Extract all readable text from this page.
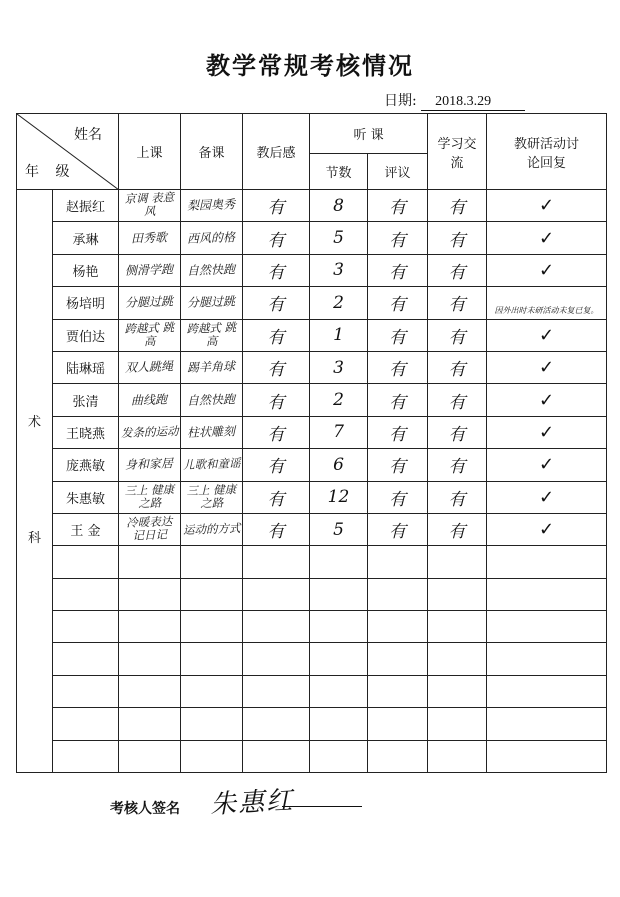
教学常规考核情况
日期: 2018.3.29
姓名
年 级		上课	备课	教后感	听 课		学习交流	教研活动讨论回复
					节数	评议		

术
科	赵振红	京调 表意风	梨园奥秀	有	8	有	有	✓
	承琳	田秀歌	西风的格	有	5	有	有	✓
	杨艳	侧滑学跑	自然快跑	有	3	有	有	✓
	杨培明	分腿过跳	分腿过跳	有	2	有	有	因外出时未研活动未复已复。

	贾伯达	跨越式 跳高	跨越式 跳高	有	1	有	有	✓
	陆琳瑶	双人跳绳	踢羊角球	有	3	有	有	✓
	张清	曲线跑	自然快跑	有	2	有	有	✓
	王晓燕	发条的运动	柱状雕刻	有	7	有	有	✓
	庞燕敏	身和家居	儿歌和童谣	有	6	有	有	✓
	朱惠敏	三上 健康之路	三上 健康之路	有	12	有	有	✓
	王 金	冷暖表达 记日记	运动的方式	有	5	有	有	✓

考核人签名 朱惠红
